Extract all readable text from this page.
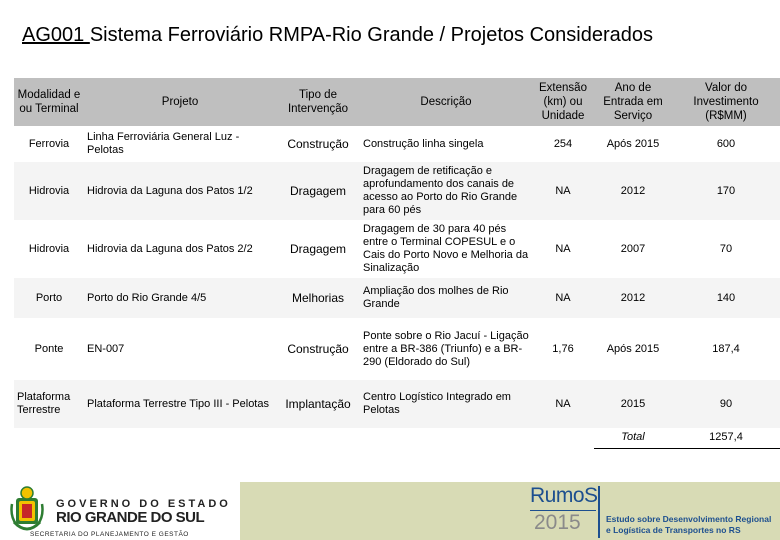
AG001 Sistema Ferroviário RMPA-Rio Grande / Projetos Considerados
Modalidad e ou Terminal	Projeto	Tipo de Intervenção	Descrição	Extensão (km) ou Unidade	Ano de Entrada em Serviço	Valor do Investimento (R$MM)
Ferrovia	Linha Ferroviária General Luz - Pelotas	Construção	Construção linha singela	254	Após 2015	600
Hidrovia	Hidrovia da Laguna dos Patos 1/2	Dragagem	Dragagem de retificação e aprofundamento dos canais de acesso ao Porto do Rio Grande para 60 pés	NA	2012	170
Hidrovia	Hidrovia da Laguna dos Patos 2/2	Dragagem	Dragagem de 30 para 40 pés entre o Terminal COPESUL e o Cais do Porto Novo e Melhoria da Sinalização	NA	2007	70
Porto	Porto do Rio Grande 4/5	Melhorias	Ampliação dos molhes de Rio Grande	NA	2012	140
Ponte	EN-007	Construção	Ponte sobre o Rio Jacuí - Ligação entre a BR-386 (Triunfo) e a BR-290 (Eldorado do Sul)	1,76	Após 2015	187,4
Plataforma Terrestre	Plataforma Terrestre Tipo III - Pelotas	Implantação	Centro Logístico Integrado em Pelotas	NA	2015	90
					Total	1257,4
GOVERNO DO ESTADO
RIO GRANDE DO SUL
SECRETARIA DO PLANEJAMENTO E GESTÃO
RumoS
2015	Estudo sobre Desenvolvimento Regional
e Logística de Transportes no RS
